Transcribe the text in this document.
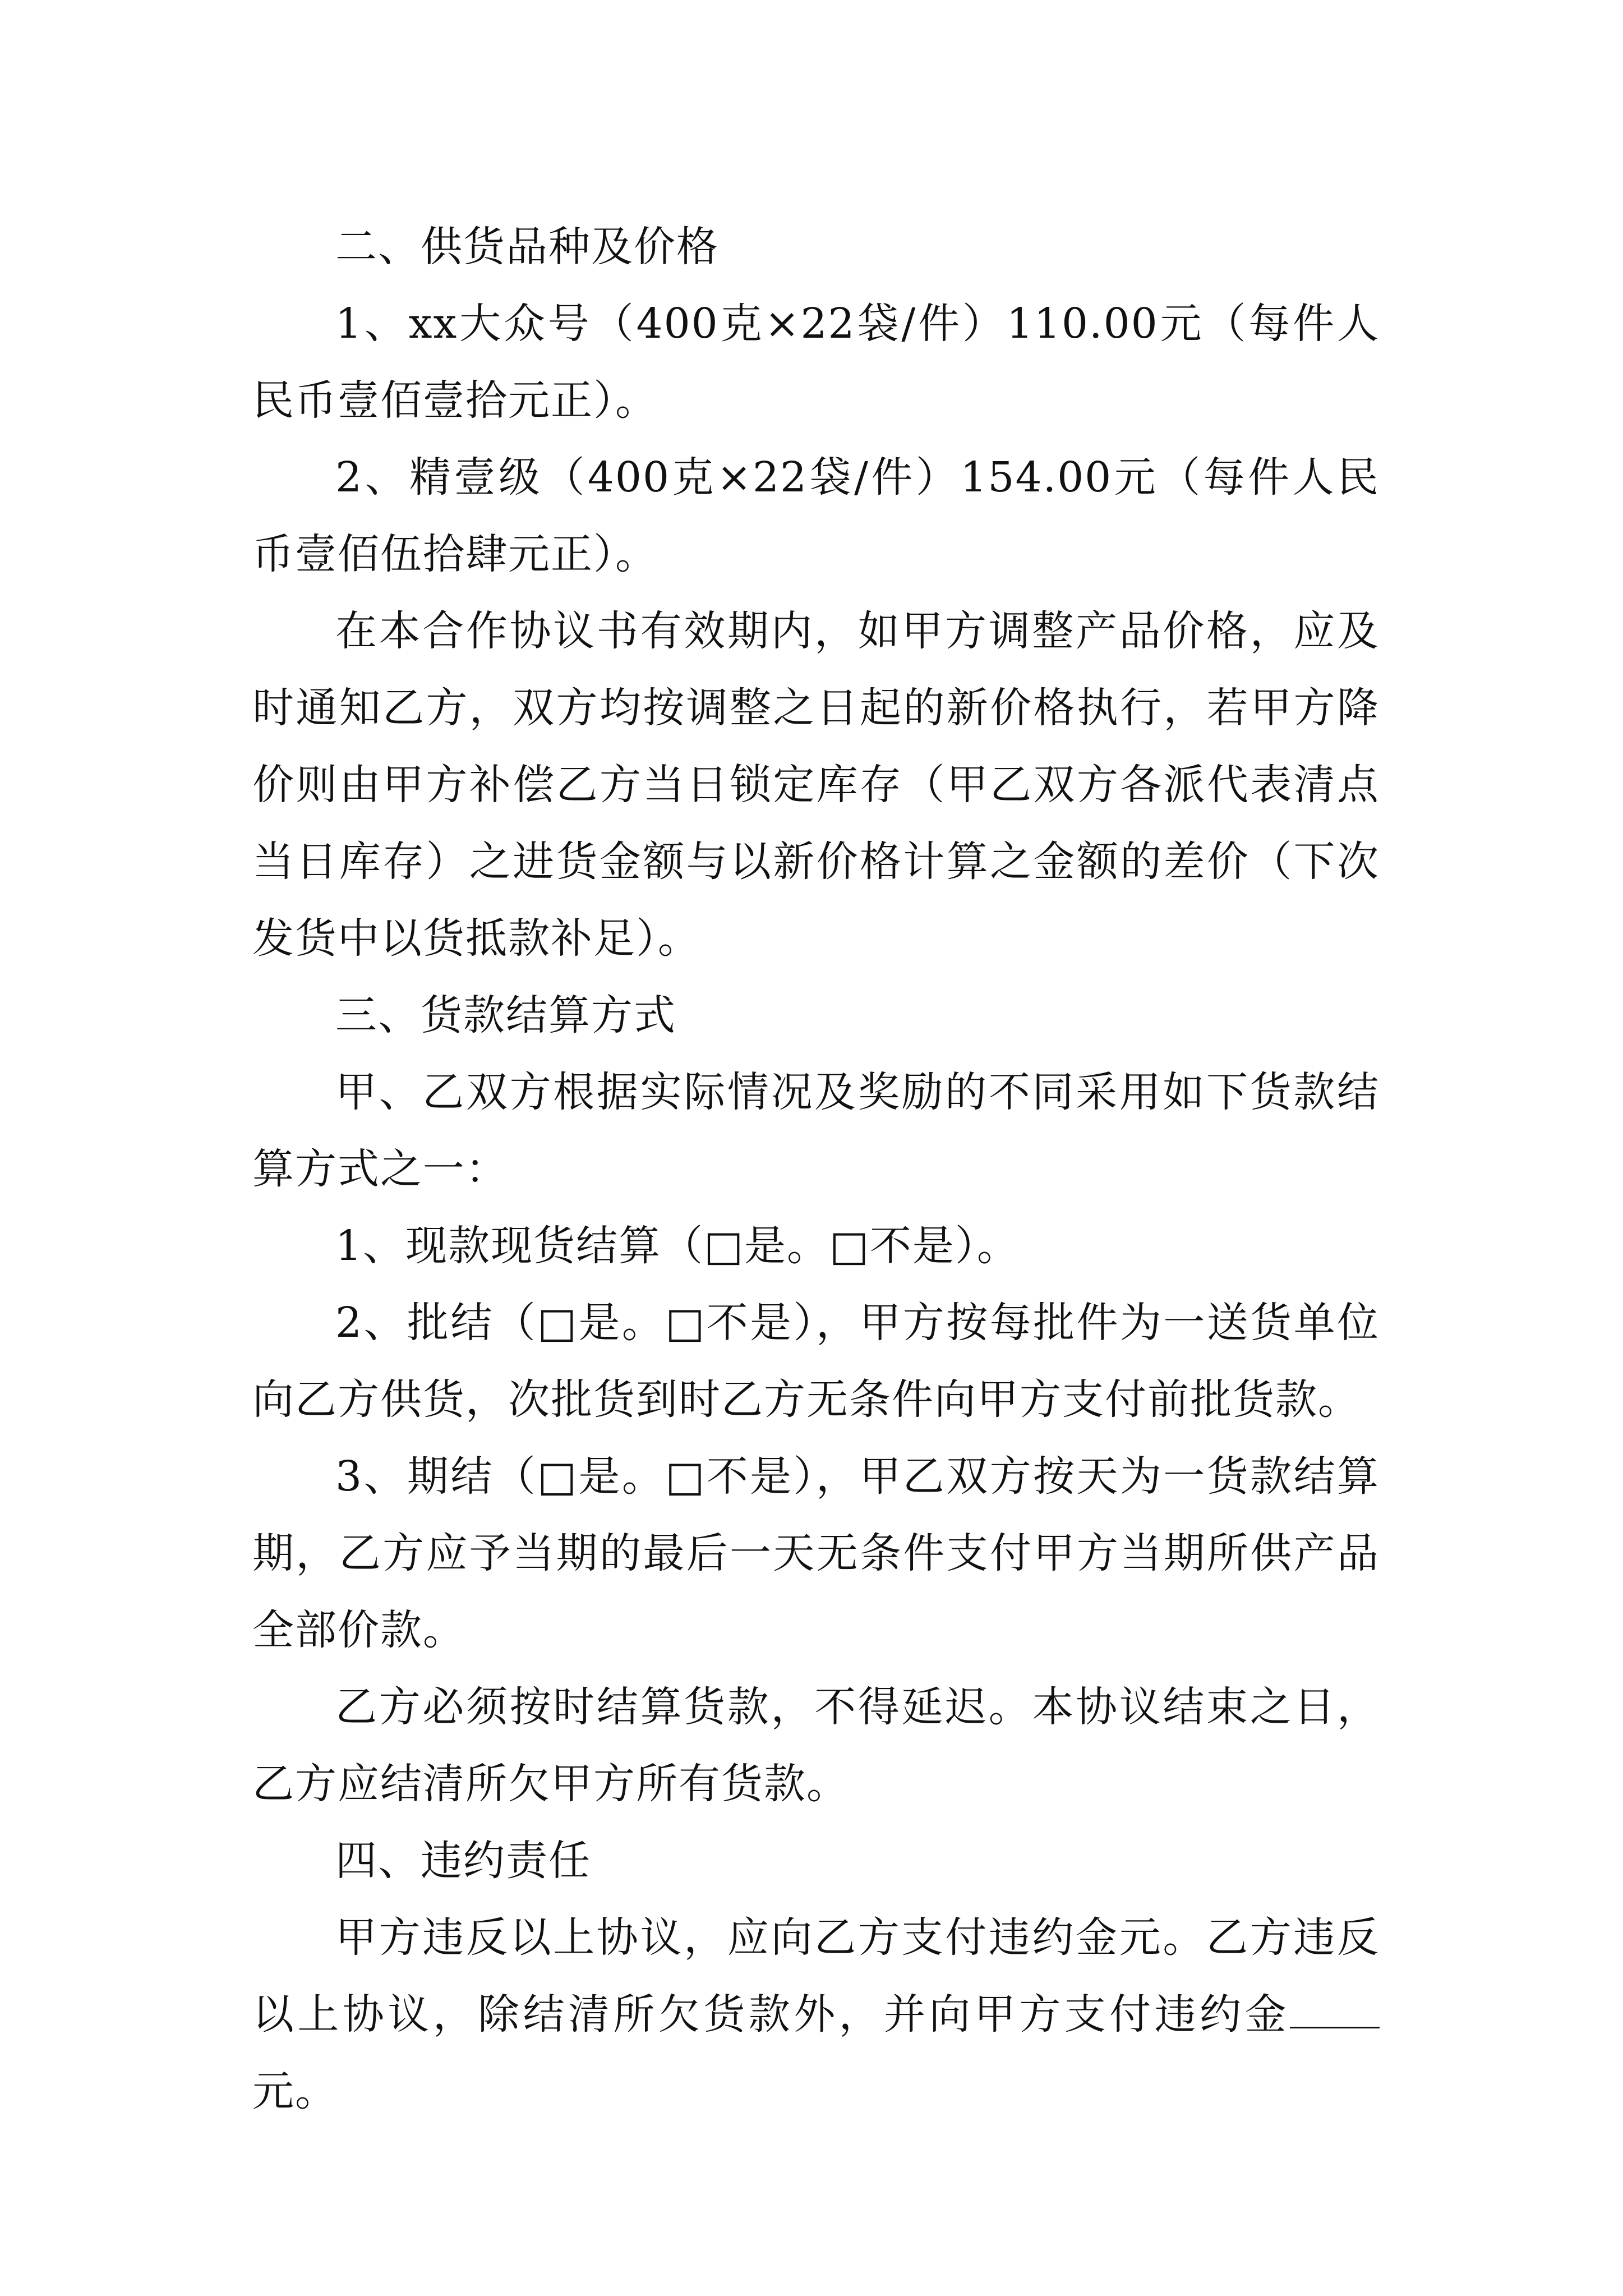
二、供货品种及价格

1、xx大众号（400克×22袋/件）110.00元（每件人民币壹佰壹拾元正）。

2、精壹级（400克×22袋/件）154.00元（每件人民币壹佰伍拾肆元正）。

在本合作协议书有效期内，如甲方调整产品价格，应及时通知乙方，双方均按调整之日起的新价格执行，若甲方降价则由甲方补偿乙方当日锁定库存（甲乙双方各派代表清点当日库存）之进货金额与以新价格计算之金额的差价（下次发货中以货抵款补足）。

三、货款结算方式

甲、乙双方根据实际情况及奖励的不同采用如下货款结算方式之一：

1、现款现货结算（□是。□不是）。

2、批结（□是。□不是），甲方按每批件为一送货单位向乙方供货，次批货到时乙方无条件向甲方支付前批货款。

3、期结（□是。□不是），甲乙双方按天为一货款结算期，乙方应予当期的最后一天无条件支付甲方当期所供产品全部价款。

乙方必须按时结算货款，不得延迟。本协议结束之日，乙方应结清所欠甲方所有货款。

四、违约责任

甲方违反以上协议，应向乙方支付违约金元。乙方违反以上协议，除结清所欠货款外，并向甲方支付违约金元。
